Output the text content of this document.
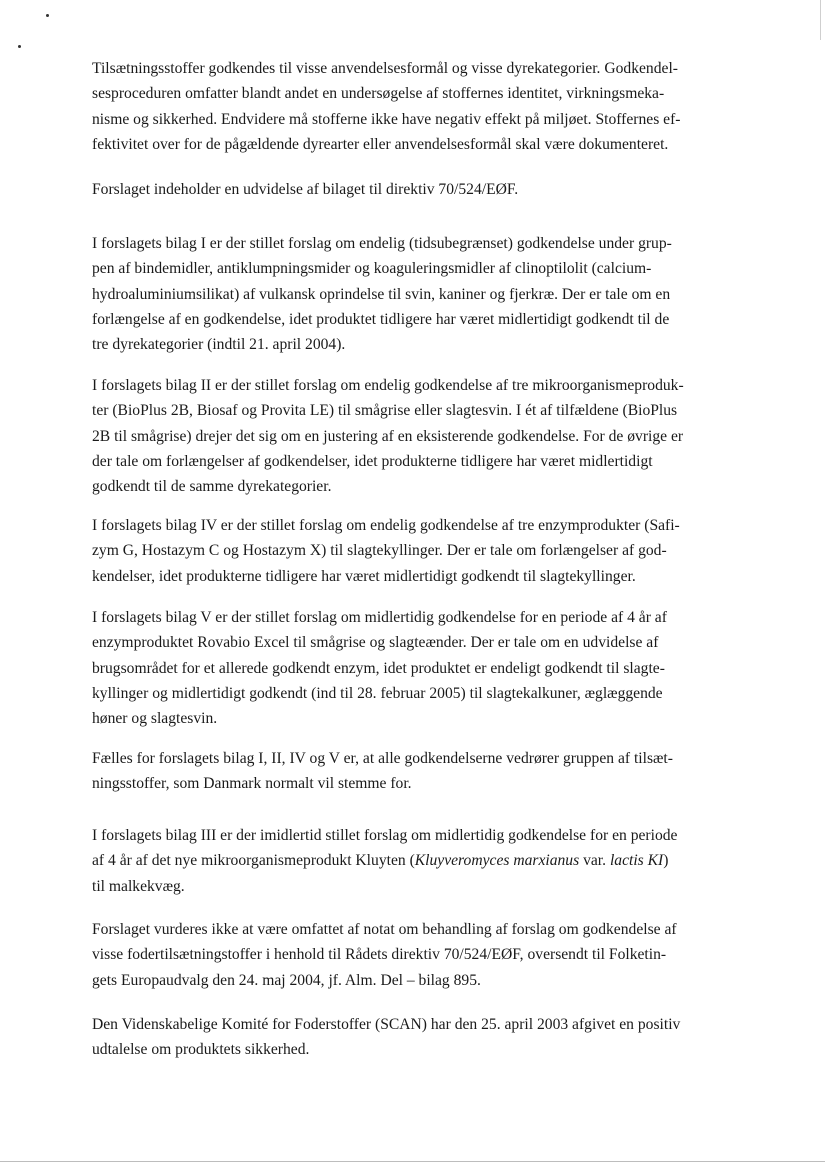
Tilsætningsstoffer godkendes til visse anvendelsesformål og visse dyrekategorier. Godkendel-
sesproceduren omfatter blandt andet en undersøgelse af stoffernes identitet, virkningsmeka-
nisme og sikkerhed. Endvidere må stofferne ikke have negativ effekt på miljøet. Stoffernes ef-
fektivitet over for de pågældende dyrearter eller anvendelsesformål skal være dokumenteret.

Forslaget indeholder en udvidelse af bilaget til direktiv 70/524/EØF.

I forslagets bilag I er der stillet forslag om endelig (tidsubegrænset) godkendelse under grup-
pen af bindemidler, antiklumpningsmider og koaguleringsmidler af clinoptilolit (calcium-
hydroaluminiumsilikat) af vulkansk oprindelse til svin, kaniner og fjerkræ. Der er tale om en
forlængelse af en godkendelse, idet produktet tidligere har været midlertidigt godkendt til de
tre dyrekategorier (indtil 21. april 2004).

I forslagets bilag II er der stillet forslag om endelig godkendelse af tre mikroorganismeproduk-
ter (BioPlus 2B, Biosaf og Provita LE) til smågrise eller slagtesvin. I ét af tilfældene (BioPlus
2B til smågrise) drejer det sig om en justering af en eksisterende godkendelse. For de øvrige er
der tale om forlængelser af godkendelser, idet produkterne tidligere har været midlertidigt
godkendt til de samme dyrekategorier.

I forslagets bilag IV er der stillet forslag om endelig godkendelse af tre enzymprodukter (Safi-
zym G, Hostazym C og Hostazym X) til slagtekyllinger. Der er tale om forlængelser af god-
kendelser, idet produkterne tidligere har været midlertidigt godkendt til slagtekyllinger.

I forslagets bilag V er der stillet forslag om midlertidig godkendelse for en periode af 4 år af
enzymproduktet Rovabio Excel til smågrise og slagteænder. Der er tale om en udvidelse af
brugsområdet for et allerede godkendt enzym, idet produktet er endeligt godkendt til slagte-
kyllinger og midlertidigt godkendt (ind til 28. februar 2005) til slagtekalkuner, æglæggende
høner og slagtesvin.

Fælles for forslagets bilag I, II, IV og V er, at alle godkendelserne vedrører gruppen af tilsæt-
ningsstoffer, som Danmark normalt vil stemme for.

I forslagets bilag III er der imidlertid stillet forslag om midlertidig godkendelse for en periode
af 4 år af det nye mikroorganismeprodukt Kluyten (Kluyveromyces marxianus var. lactis KI)
til malkekvæg.

Forslaget vurderes ikke at være omfattet af notat om behandling af forslag om godkendelse af
visse fodertilsætningstoffer i henhold til Rådets direktiv 70/524/EØF, oversendt til Folketin-
gets Europaudvalg den 24. maj 2004, jf. Alm. Del – bilag 895.

Den Videnskabelige Komité for Foderstoffer (SCAN) har den 25. april 2003 afgivet en positiv
udtalelse om produktets sikkerhed.
